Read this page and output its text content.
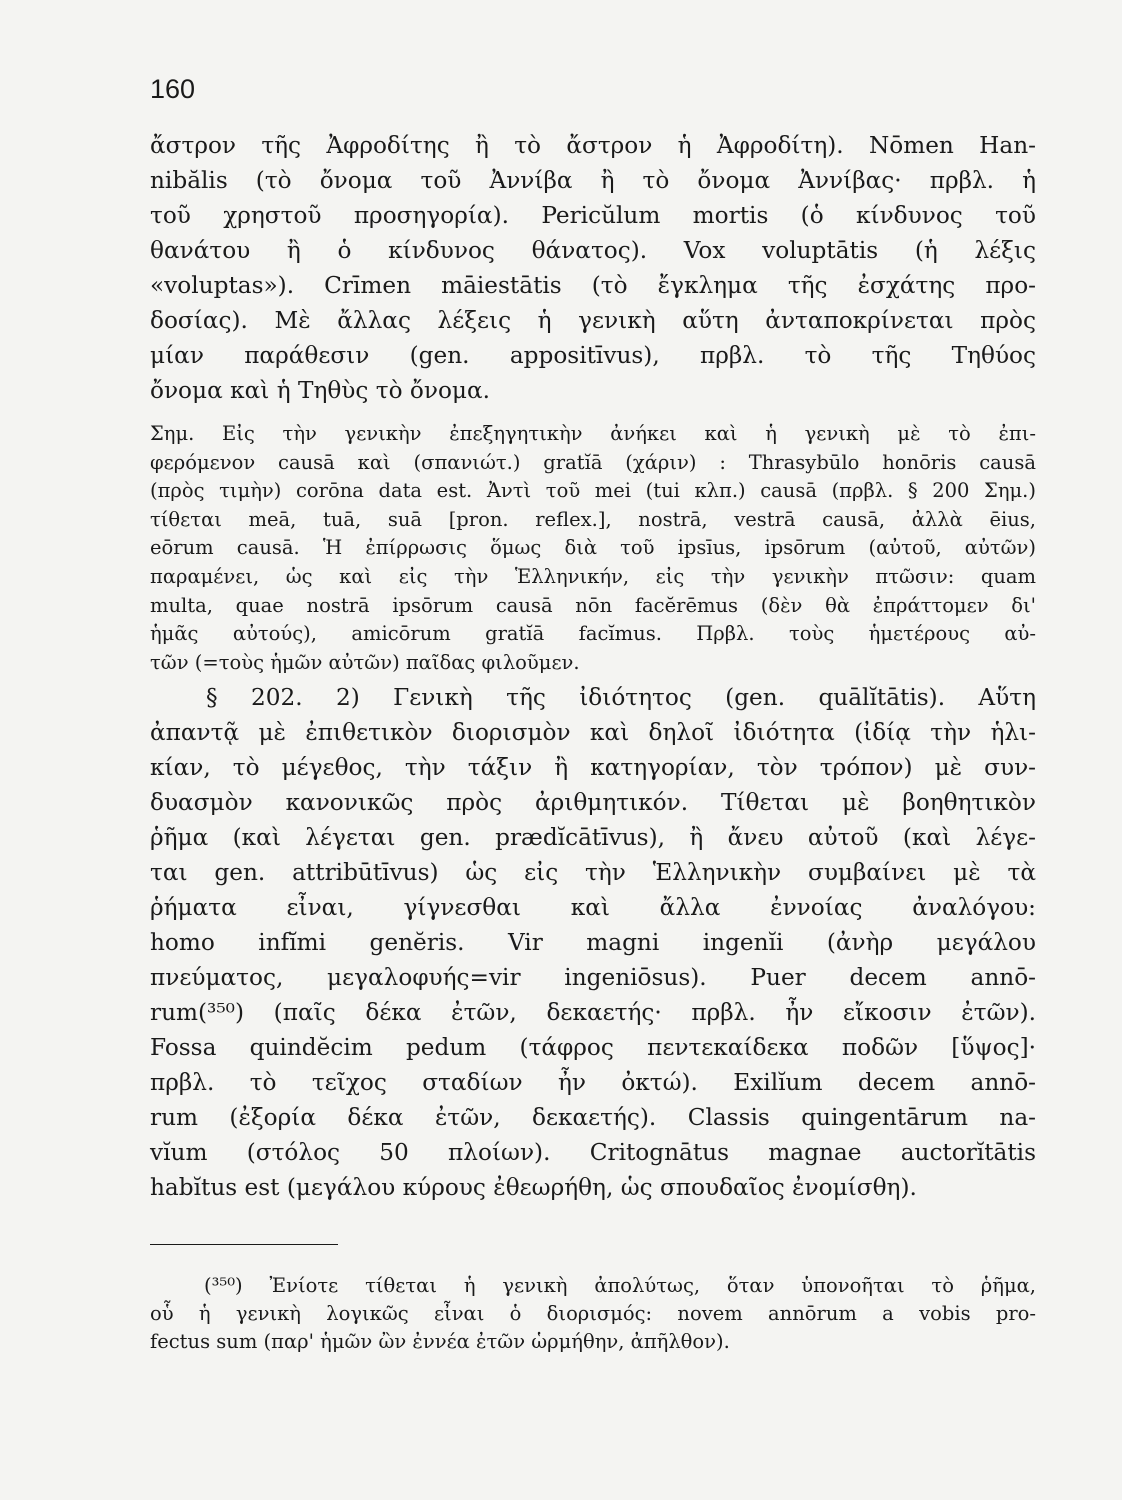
160
ἄστρον τῆς Ἀφροδίτης ἢ τὸ ἄστρον ἡ Ἀφροδίτη). Nōmen Han-
nibălis (τὸ ὄνομα τοῦ Ἀννίβα ἢ τὸ ὄνομα Ἀννίβας· πρβλ. ἡ
τοῦ χρηστοῦ προσηγορία). Pericŭlum mortis (ὁ κίνδυνος τοῦ
θανάτου ἢ ὁ κίνδυνος θάνατος). Vox voluptātis (ἡ λέξις
«voluptas»). Crīmen māiestātis (τὸ ἔγκλημα τῆς ἐσχάτης προ-
δοσίας). Μὲ ἄλλας λέξεις ἡ γενικὴ αὕτη ἀνταποκρίνεται πρὸς
μίαν παράθεσιν (gen. appositīvus), πρβλ. τὸ τῆς Τηθύος
ὄνομα καὶ ἡ Τηθὺς τὸ ὄνομα.
Σημ. Εἰς τὴν γενικὴν ἐπεξηγητικὴν ἀνήκει καὶ ἡ γενικὴ μὲ τὸ ἐπι-
φερόμενον causā καὶ (σπανιώτ.) gratĭā (χάριν) : Thrasybūlo honōris causā
(πρὸς τιμὴν) corōna data est. Ἀντὶ τοῦ mei (tui κλπ.) causā (πρβλ. § 200 Σημ.)
τίθεται meā, tuā, suā [pron. reflex.], nostrā, vestrā causā, ἀλλὰ ēius,
eōrum causā. Ἡ ἐπίρρωσις ὅμως διὰ τοῦ ipsīus, ipsōrum (αὐτοῦ, αὐτῶν)
παραμένει, ὡς καὶ εἰς τὴν Ἑλληνικήν, εἰς τὴν γενικὴν πτῶσιν: quam
multa, quae nostrā ipsōrum causā nōn facĕrēmus (δὲν θὰ ἐπράττομεν δι'
ἡμᾶς αὐτούς), amicōrum gratĭā facĭmus. Πρβλ. τοὺς ἡμετέρους αὐ-
τῶν (=τοὺς ἡμῶν αὐτῶν) παῖδας φιλοῦμεν.
§ 202. 2) Γενικὴ τῆς ἰδιότητος (gen. quālĭtātis). Αὕτη
ἀπαντᾷ μὲ ἐπιθετικὸν διορισμὸν καὶ δηλοῖ ἰδιότητα (ἰδίᾳ τὴν ἡλι-
κίαν, τὸ μέγεθος, τὴν τάξιν ἢ κατηγορίαν, τὸν τρόπον) μὲ συν-
δυασμὸν κανονικῶς πρὸς ἀριθμητικόν. Τίθεται μὲ βοηθητικὸν
ῥῆμα (καὶ λέγεται gen. prædĭcātīvus), ἢ ἄνευ αὐτοῦ (καὶ λέγε-
ται gen. attribūtīvus) ὡς εἰς τὴν Ἑλληνικὴν συμβαίνει μὲ τὰ
ῥήματα εἶναι, γίγνεσθαι καὶ ἄλλα ἐννοίας ἀναλόγου:
homo infĭmi genĕris. Vir magni ingenĭi (ἀνὴρ μεγάλου
πνεύματος, μεγαλοφυής=vir ingeniōsus). Puer decem annō-
rum(³⁵⁰) (παῖς δέκα ἐτῶν, δεκαετής· πρβλ. ἦν εἴκοσιν ἐτῶν).
Fossa quindĕcim pedum (τάφρος πεντεκαίδεκα ποδῶν [ὕψος]·
πρβλ. τὸ τεῖχος σταδίων ἦν ὀκτώ). Exilĭum decem annō-
rum (ἐξορία δέκα ἐτῶν, δεκαετής). Classis quingentārum na-
vĭum (στόλος 50 πλοίων). Critognātus magnae auctorĭtātis
habĭtus est (μεγάλου κύρους ἐθεωρήθη, ὡς σπουδαῖος ἐνομίσθη).
(³⁵⁰) Ἐνίοτε τίθεται ἡ γενικὴ ἀπολύτως, ὅταν ὑπονοῆται τὸ ῥῆμα,
οὗ ἡ γενικὴ λογικῶς εἶναι ὁ διορισμός: novem annōrum a vobis pro-
fectus sum (παρ' ἡμῶν ὢν ἐννέα ἐτῶν ὡρμήθην, ἀπῆλθον).
